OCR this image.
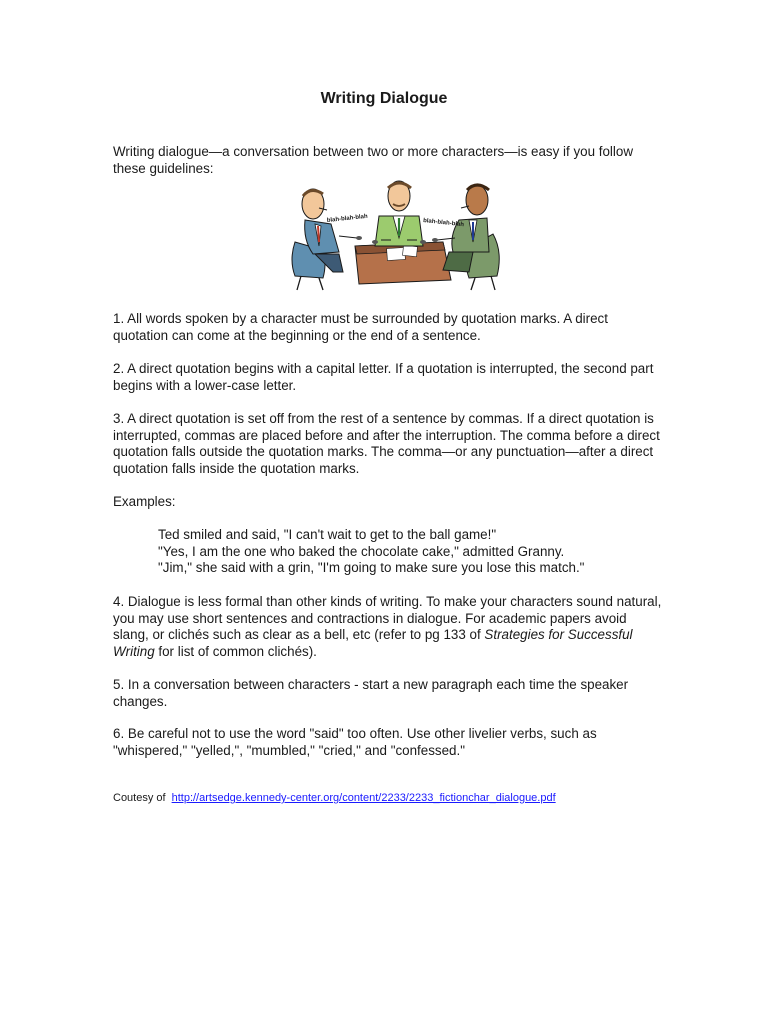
Writing Dialogue

Writing dialogue—a conversation between two or more characters—is easy if you follow these guidelines:

blah-blah-blah	blah-blah-blah

1. All words spoken by a character must be surrounded by quotation marks. A direct quotation can come at the beginning or the end of a sentence.

2. A direct quotation begins with a capital letter. If a quotation is interrupted, the second part begins with a lower-case letter.

3. A direct quotation is set off from the rest of a sentence by commas. If a direct quotation is interrupted, commas are placed before and after the interruption. The comma before a direct quotation falls outside the quotation marks. The comma—or any punctuation—after a direct quotation falls inside the quotation marks.

Examples:

Ted smiled and said, "I can't wait to get to the ball game!"
"Yes, I am the one who baked the chocolate cake," admitted Granny.
"Jim," she said with a grin, "I'm going to make sure you lose this match."

4. Dialogue is less formal than other kinds of writing. To make your characters sound natural, you may use short sentences and contractions in dialogue. For academic papers avoid slang, or clichés such as clear as a bell, etc (refer to pg 133 of Strategies for Successful Writing for list of common clichés).

5. In a conversation between characters - start a new paragraph each time the speaker changes.

6. Be careful not to use the word "said" too often. Use other livelier verbs, such as "whispered," "yelled,", "mumbled," "cried," and "confessed."

Coutesy of http://artsedge.kennedy-center.org/content/2233/2233_fictionchar_dialogue.pdf
